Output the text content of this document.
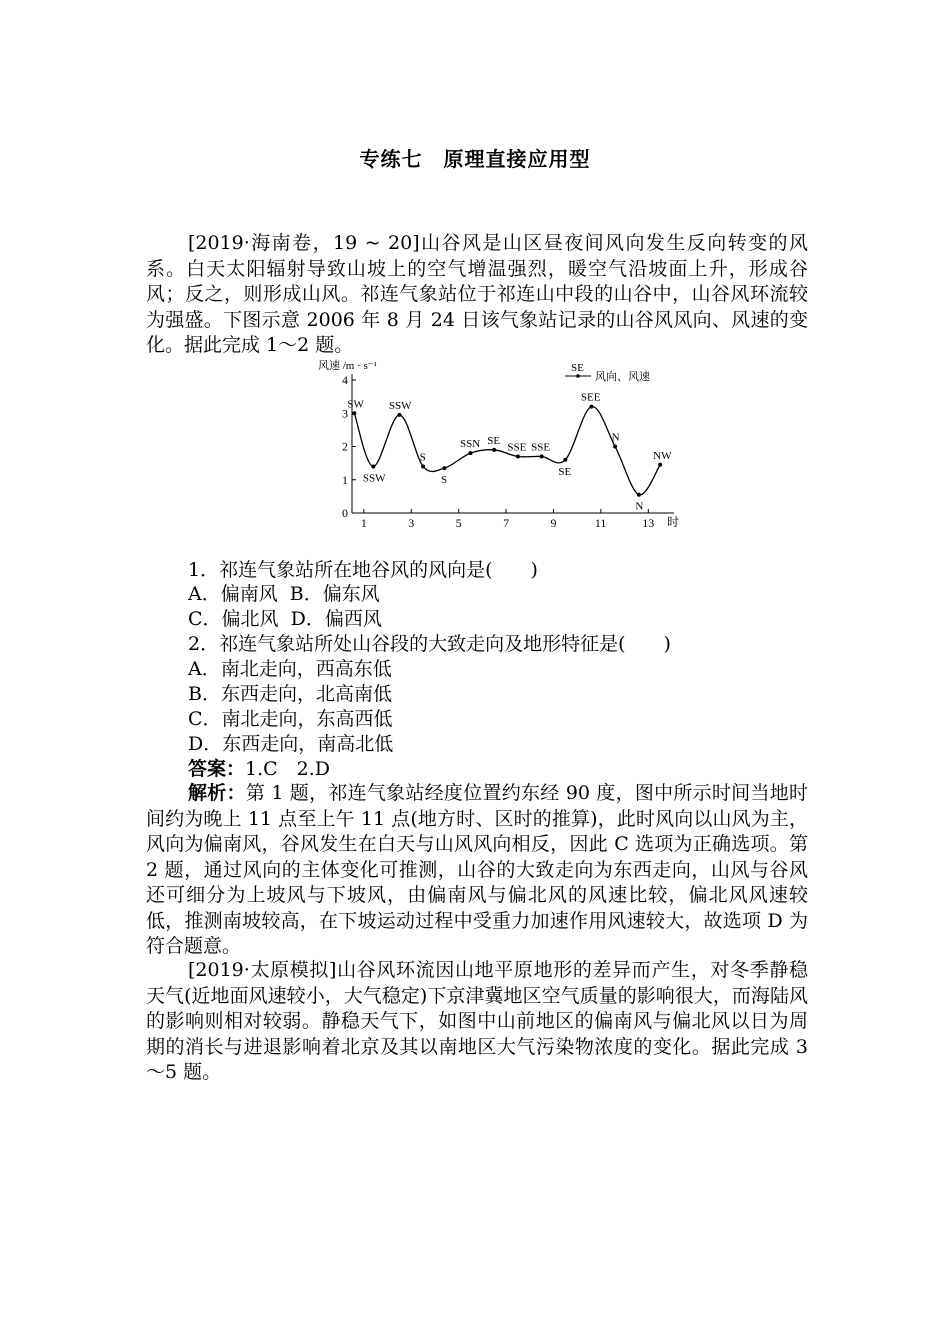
专练七　原理直接应用型
[2019·海南卷，19 ~ 20]山谷风是山区昼夜间风向发生反向转变的风系。白天太阳辐射导致山坡上的空气增温强烈，暖空气沿坡面上升，形成谷风；反之，则形成山风。祁连气象站位于祁连山中段的山谷中，山谷风环流较为强盛。下图示意 2006 年 8 月 24 日该气象站记录的山谷风风向、风速的变化。据此完成 1～2 题。
0
1
2
3
4
1	3	5	7	9	11	13
SW
SSW
SSW
S
S
SSN SE
SSE SSE
SE
SEE
N
N
NW
风速 /m · s⁻¹
时
SE
风向、风速
1．祁连气象站所在地谷风的风向是(　　)
A．偏南风  B．偏东风
C．偏北风  D．偏西风
2．祁连气象站所处山谷段的大致走向及地形特征是(　　)
A．南北走向，西高东低
B．东西走向，北高南低
C．南北走向，东高西低
D．东西走向，南高北低
答案：1.C　2.D
解析：第 1 题，祁连气象站经度位置约东经 90 度，图中所示时间当地时间约为晚上 11 点至上午 11 点(地方时、区时的推算)，此时风向以山风为主，风向为偏南风，谷风发生在白天与山风风向相反，因此 C 选项为正确选项。第 2 题，通过风向的主体变化可推测，山谷的大致走向为东西走向，山风与谷风还可细分为上坡风与下坡风，由偏南风与偏北风的风速比较，偏北风风速较低，推测南坡较高，在下坡运动过程中受重力加速作用风速较大，故选项 D 为符合题意。
[2019·太原模拟]山谷风环流因山地平原地形的差异而产生，对冬季静稳天气(近地面风速较小，大气稳定)下京津冀地区空气质量的影响很大，而海陆风的影响则相对较弱。静稳天气下，如图中山前地区的偏南风与偏北风以日为周期的消长与进退影响着北京及其以南地区大气污染物浓度的变化。据此完成 3～5 题。
